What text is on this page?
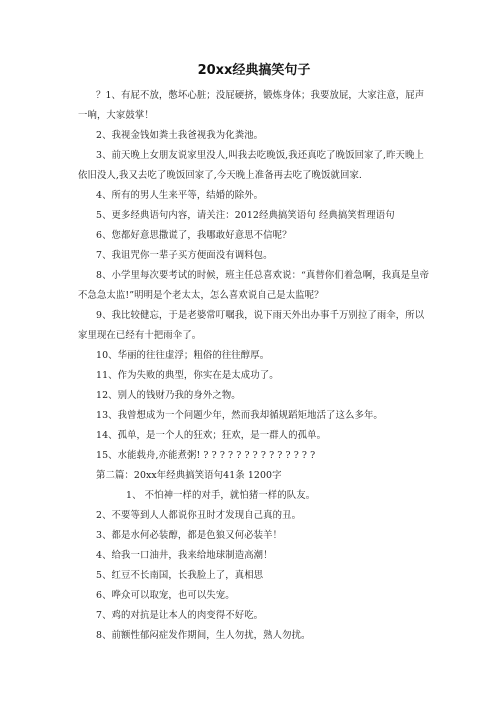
20xx经典搞笑句子

？1、有屁不放，憋坏心脏；没屁硬挤，锻炼身体；我要放屁，大家注意，屁声一响，大家鼓掌！

2、我视金钱如粪土我爸视我为化粪池。

3、前天晚上女朋友说家里没人,叫我去吃晚饭,我还真吃了晚饭回家了,昨天晚上依旧没人,我又去吃了晚饭回家了,今天晚上准备再去吃了晚饭就回家.

4、所有的男人生来平等，结婚的除外。

5、更多经典语句内容，请关注：2012经典搞笑语句 经典搞笑哲理语句

6、您都好意思撒谎了，我哪敢好意思不信呢？

7、我诅咒你一辈子买方便面没有调料包。

8、小学里每次要考试的时候，班主任总喜欢说：“真替你们着急啊，我真是皇帝不急急太监!”明明是个老太太，怎么喜欢说自己是太监呢？

9、我比较健忘，于是老婆常叮嘱我，说下雨天外出办事千万别拉了雨伞，所以家里现在已经有十把雨伞了。

10、华丽的往往虚浮；粗俗的往往醇厚。

11、作为失败的典型，你实在是太成功了。

12、别人的钱财乃我的身外之物。

13、我曾想成为一个问题少年，然而我却循规蹈矩地活了这么多年。

14、孤单，是一个人的狂欢；狂欢，是一群人的孤单。

15、水能载舟,亦能煮粥! ? ? ? ? ? ? ? ? ? ? ? ? ? ?

第二篇：20xx年经典搞笑语句41条 1200字

1、 不怕神一样的对手，就怕猪一样的队友。

2、不要等到人人都说你丑时才发现自己真的丑。

3、都是水何必装醇，都是色狼又何必装羊！

4、给我一口油井，我来给地球制造高潮！

5、红豆不长南国，长我脸上了，真相思

6、哗众可以取宠，也可以失宠。

7、鸡的对抗是让本人的肉变得不好吃。

8、前额性郁闷症发作期间，生人勿扰，熟人勿扰。
